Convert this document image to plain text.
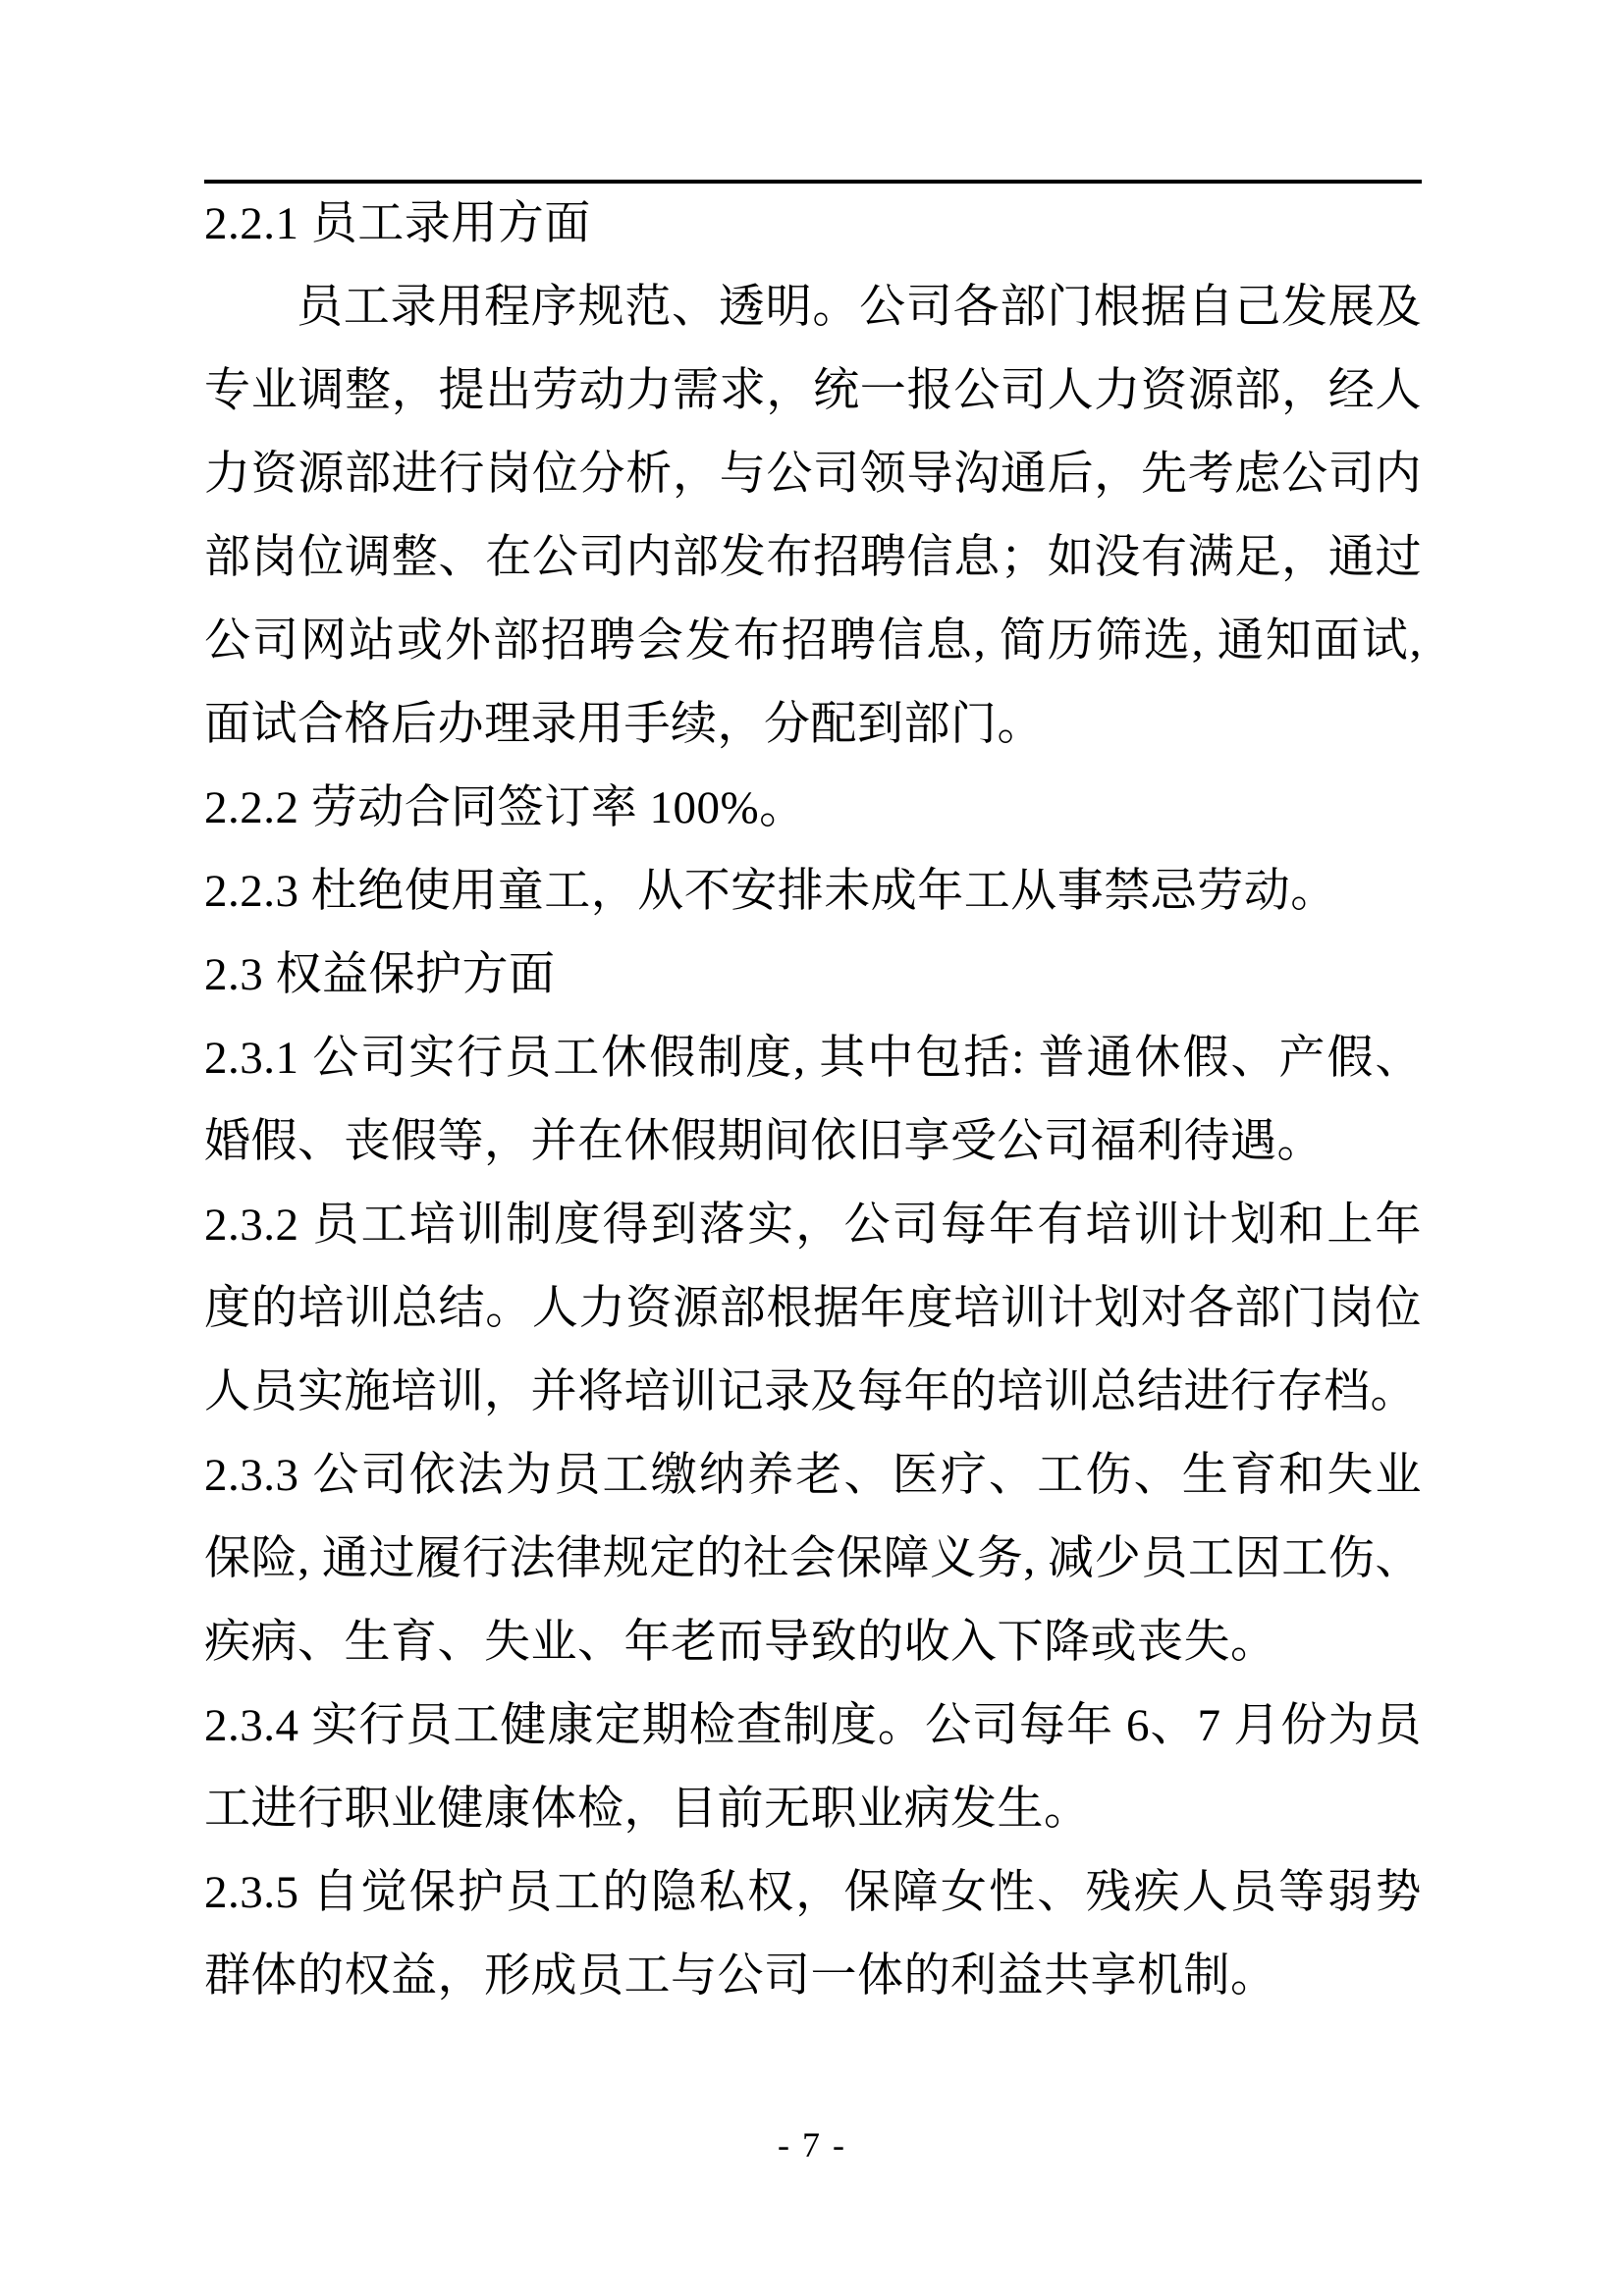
2.2.1 员工录用方面

员工录用程序规范、透明。公司各部门根据自己发展及专业调整，提出劳动力需求，统一报公司人力资源部，经人力资源部进行岗位分析，与公司领导沟通后，先考虑公司内部岗位调整、在公司内部发布招聘信息；如没有满足，通过公司网站或外部招聘会发布招聘信息, 简历筛选, 通知面试, 面试合格后办理录用手续，分配到部门。

2.2.2 劳动合同签订率 100%。

2.2.3 杜绝使用童工，从不安排未成年工从事禁忌劳动。

2.3 权益保护方面

2.3.1 公司实行员工休假制度, 其中包括: 普通休假、产假、婚假、丧假等，并在休假期间依旧享受公司福利待遇。

2.3.2 员工培训制度得到落实，公司每年有培训计划和上年度的培训总结。人力资源部根据年度培训计划对各部门岗位人员实施培训，并将培训记录及每年的培训总结进行存档。

2.3.3 公司依法为员工缴纳养老、医疗、工伤、生育和失业保险, 通过履行法律规定的社会保障义务, 减少员工因工伤、疾病、生育、失业、年老而导致的收入下降或丧失。

2.3.4 实行员工健康定期检查制度。公司每年 6、7 月份为员工进行职业健康体检，目前无职业病发生。

2.3.5 自觉保护员工的隐私权，保障女性、残疾人员等弱势群体的权益，形成员工与公司一体的利益共享机制。

- 7 -
